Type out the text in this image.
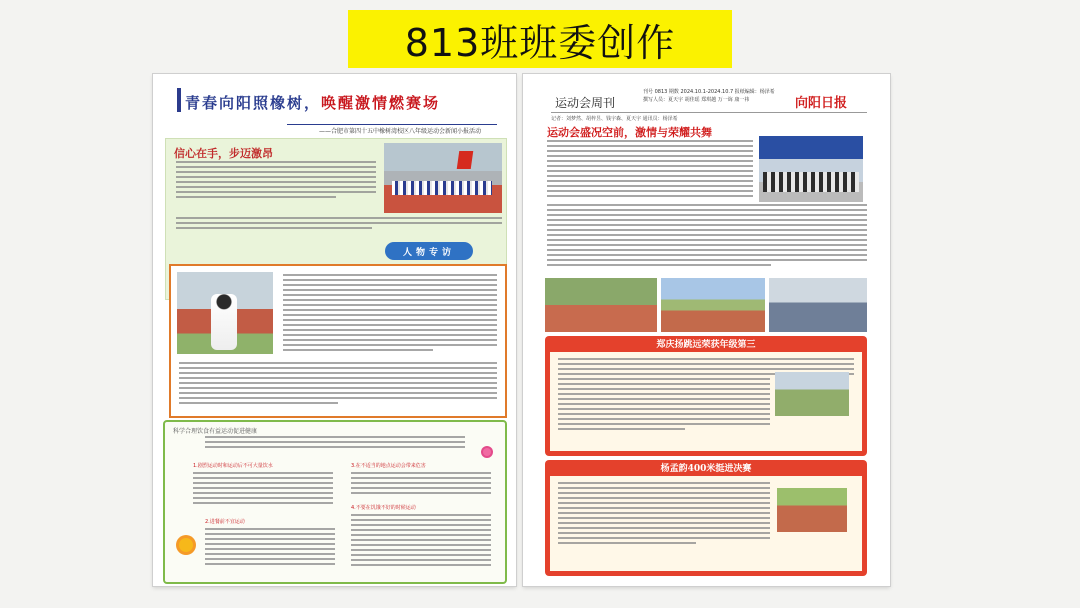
813班班委创作
青春向阳照橡树，唤醒激情燃赛场
——合肥市第四十五中橡树湾校区八年级运动会新闻小报活动
信心在手，步迈激昂
人物专访
科学合理饮食有益运动促进健康
1.剧烈运动时和运动后不可大量饮水
2.进餐前不宜运动
3.在不适当的地点运动会带来危害
4.不要在饥饿不好的时候运动
运动会周刊
刊号 0813 期数 2024.10.1-2024.10.7 报纸编辑：杨泽希
撰写人员：夏天宇 胡佳瑶 郑琪越 万一诲 康一祎	向阳日报
记者：刘梦然、胡梓昱、钱宇森、夏天宇 通讯员：杨泽希
运动会盛况空前，激情与荣耀共舞
郑庆扬跳远荣获年级第三
杨孟韵400米挺进决赛
